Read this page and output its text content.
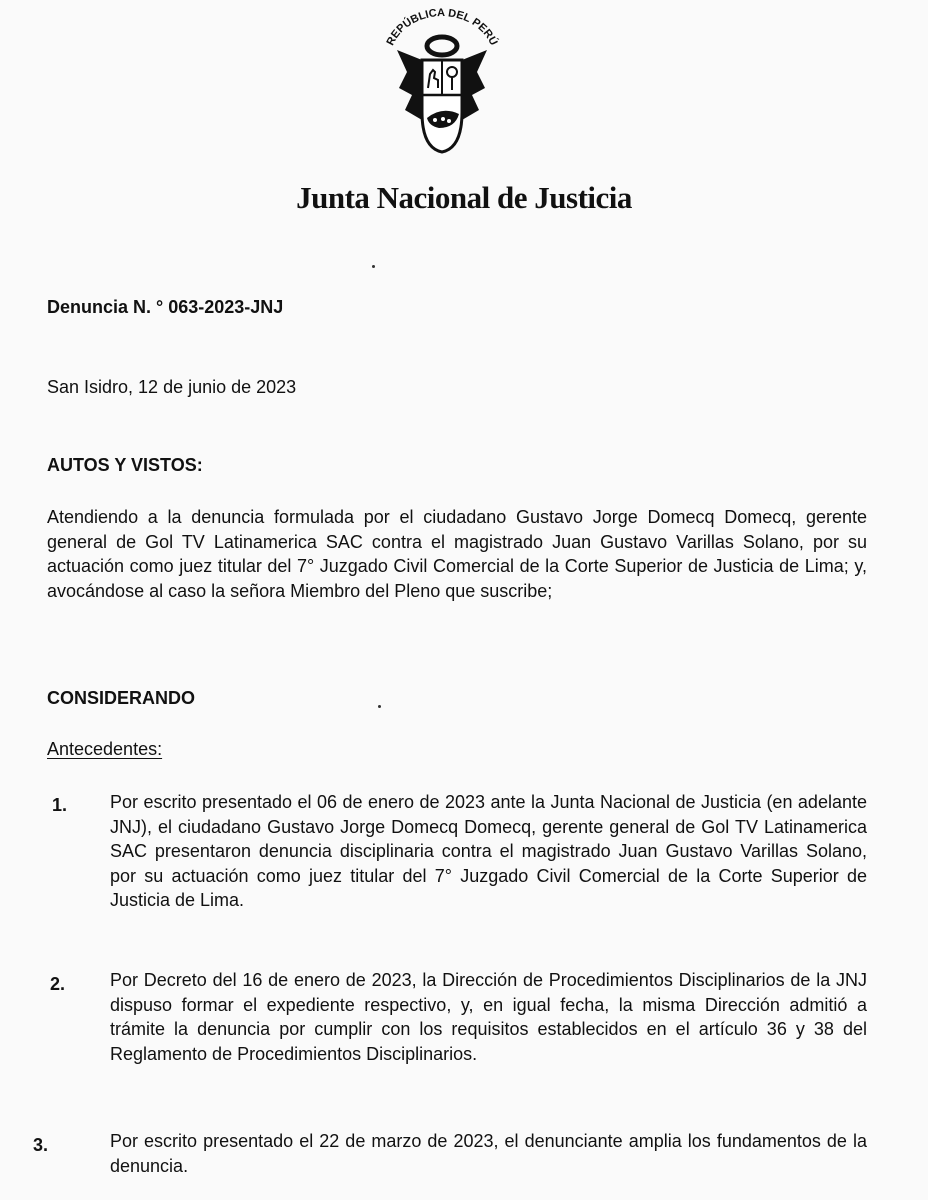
REPÚBLICA DEL PERÚ
Junta Nacional de Justicia
Denuncia N. ° 063-2023-JNJ
San Isidro, 12 de junio de 2023
AUTOS Y VISTOS:
Atendiendo a la denuncia formulada por el ciudadano Gustavo Jorge Domecq Domecq, gerente general de Gol TV Latinamerica SAC contra el magistrado Juan Gustavo Varillas Solano, por su actuación como juez titular del 7° Juzgado Civil Comercial de la Corte Superior de Justicia de Lima; y, avocándose al caso la señora Miembro del Pleno que suscribe;
CONSIDERANDO
Antecedentes:
1. Por escrito presentado el 06 de enero de 2023 ante la Junta Nacional de Justicia (en adelante JNJ), el ciudadano Gustavo Jorge Domecq Domecq, gerente general de Gol TV Latinamerica SAC presentaron denuncia disciplinaria contra el magistrado Juan Gustavo Varillas Solano, por su actuación como juez titular del 7° Juzgado Civil Comercial de la Corte Superior de Justicia de Lima.
2. Por Decreto del 16 de enero de 2023, la Dirección de Procedimientos Disciplinarios de la JNJ dispuso formar el expediente respectivo, y, en igual fecha, la misma Dirección admitió a trámite la denuncia por cumplir con los requisitos establecidos en el artículo 36 y 38 del Reglamento de Procedimientos Disciplinarios.
3.	Por escrito presentado el 22 de marzo de 2023, el denunciante amplia los fundamentos de la denuncia.
